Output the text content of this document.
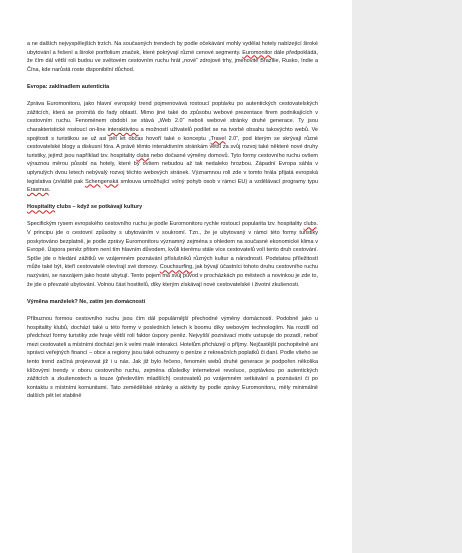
a ne dalších nejvyspělejších trzích. Na současných trendech by podle očekávání mohly vydělat hotely nabízející široké ubytování a řešení a široké portfolium značek, které pokrývají různé cenové segmenty. Euromonitor dále předpokládá, že čím dál větší roli budou ve světovém cestovním ruchu hrát „nové“ zdrojové trhy, jmenovitě Brazílie, Rusko, Indie a Čína, kde narůstá roste disponibilní důchod.

Evropa: zaklínadlem autenticita

Zpráva Euromonitoru, jako hlavní evropský trend pojmenovává rostoucí poptávku po autentických cestovatelských zážitcích, která se promítá do řady oblastí. Mimo jiné také do způsobu webové prezentace firem podnikajících v cestovním ruchu. Fenoménem období se stává „Web 2.0“ neboli webové stránky druhé generace. Ty jsou charakteristické rostoucí on-line interaktivitou a možností uživatelů podílet se na tvorbě obsahu takovýchto webů. Ve spojitosti s turistikou se už asi pět let občas hovoří také o konceptu „Travel 2.0“, pod kterým se skrývají různé cestovatelské blogy a diskusní fóra. A právě těmto interaktivním stránkám větší za svůj rozvoj také některé nové druhy turistiky, jejímž jsou například tzv. hospitality clubs nebo dočasné výměny domovů. Tyto formy cestovního ruchu ovšem výraznou měrou působí na hotely, které by ovšem nebudou až tak nedaleko hrozbou. Západní Evropa sáhla v uplynulých dvou letech nebývalý rozvoj těchto webových stránek. Významnou roli zde v tomto hrála přijatá evropská legislativa (zvláště pak Schengenská smlouva umožňující volný pohyb osob v rámci EU) a vzdělávací programy typu Erasmus.

Hospitality clubs – když se potkávají kultury

Specifickým rysem evropského cestovního ruchu je podle Euromonitoru rychle rostoucí popularita tzv. hospitality clubs. V principu jde o cestovní způsoby s ubytováním v soukromí. Tzn., že je ubytovaný v rámci této formy turistiky poskytováno bezplatně, je podle zprávy Euromonitoru významný zejména s ohledem na současné ekonomické klima v Evropě. Úspora peněz přitom není tím hlavním důvodem, kvůli kterému stále více cestovatelů volí tento druh cestování. Spíše jde o hledání zážitků ve vzájemném poznávání příslušníků různých kultur a národností. Podstatou příležitostí může také být, kteří cestovatelé otevírají své domovy. Couchsurfing, jak bývají účastníci tohoto druhu cestovního ruchu nazýváni, se navzájem jako hosté ubytují. Tento pojem má svůj původ v procházkách po městech a novinkou je zde to, že jde o převzaté ubytování. Volnou část hostitelů, díky kterým získávají nové cestovatelské i životní zkušenosti.

Výměna manželek? Ne, zatím jen domácností

Příbuznou formou cestovního ruchu jsou čím dál populárnější přechodné výměny domácností. Podobně jako u hospitality klubů, dochází také u této formy v posledních letech k boomu díky webovým technologiím. Na rozdíl od předchozí formy turistiky zde hraje větší roli faktor úspory peněz. Nejvyšší poznávací motiv ustupuje do pozadí, neboť mezi cestovateli a místními dochází jen k velmi malé interakci. Hotelům přicházejí o příjmy. Nejčastější pochopitelně ani správci veřejných financí – obce a regiony jsou také ochuzeny o peníze z rekreačních poplatků či daní. Podle všeho se tento trend začíná projevovat již i u nás. Jak již bylo řečeno, fenomén webů druhé generace je podpořen několika klíčovými trendy v oboru cestovního ruchu, zejména důsledky internetové revoluce, poptávkou po autentických zážitcích a zkušenostech a touze (především mladších) cestovatelů po vzájemném setkávání a poznávání či po kontaktu s místními komunitami. Tato zemědělské stránky a aktivity by podle zprávy Euromonitoru, měly minimálně dalších pět let stabilně
